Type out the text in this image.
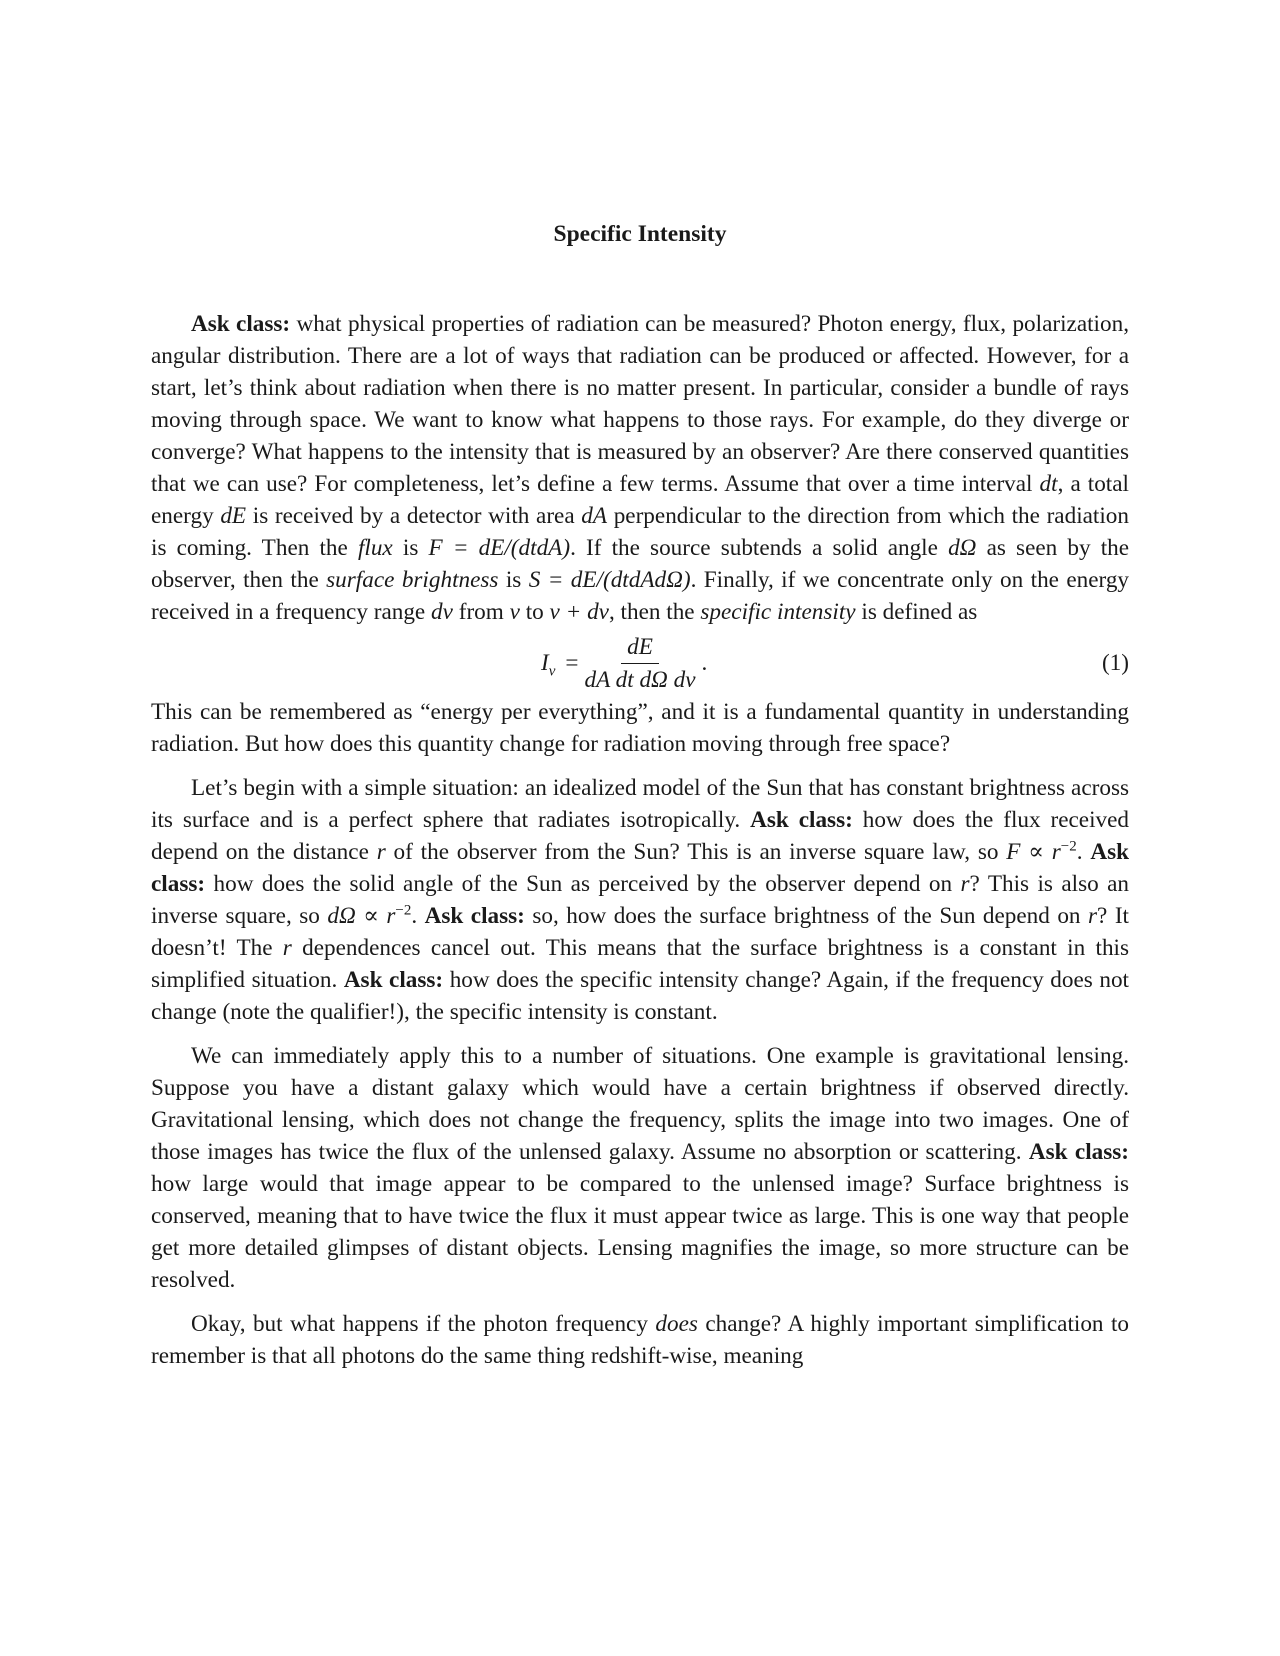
Specific Intensity

Ask class: what physical properties of radiation can be measured? Photon energy, flux, polarization, angular distribution. There are a lot of ways that radiation can be produced or affected. However, for a start, let’s think about radiation when there is no matter present. In particular, consider a bundle of rays moving through space. We want to know what happens to those rays. For example, do they diverge or converge? What happens to the intensity that is measured by an observer? Are there conserved quantities that we can use? For completeness, let’s define a few terms. Assume that over a time interval dt, a total energy dE is received by a detector with area dA perpendicular to the direction from which the radiation is coming. Then the flux is F = dE/(dtdA). If the source subtends a solid angle dΩ as seen by the observer, then the surface brightness is S = dE/(dtdAdΩ). Finally, if we concentrate only on the energy received in a frequency range dν from ν to ν + dν, then the specific intensity is defined as

$I_\nu = \frac{dE}{\text{dA dt dΩ dν}}$ .	(1)

This can be remembered as “energy per everything”, and it is a fundamental quantity in understanding radiation. But how does this quantity change for radiation moving through free space?

Let’s begin with a simple situation: an idealized model of the Sun that has constant brightness across its surface and is a perfect sphere that radiates isotropically. Ask class: how does the flux received depend on the distance r of the observer from the Sun? This is an inverse square law, so $F \propto r^{-2}$. Ask class: how does the solid angle of the Sun as perceived by the observer depend on r? This is also an inverse square, so $d\Omega \propto r^{-2}$. Ask class: so, how does the surface brightness of the Sun depend on r? It doesn’t! The r dependences cancel out. This means that the surface brightness is a constant in this simplified situation. Ask class: how does the specific intensity change? Again, if the frequency does not change (note the qualifier!), the specific intensity is constant.

We can immediately apply this to a number of situations. One example is gravitational lensing. Suppose you have a distant galaxy which would have a certain brightness if observed directly. Gravitational lensing, which does not change the frequency, splits the image into two images. One of those images has twice the flux of the unlensed galaxy. Assume no absorption or scattering. Ask class: how large would that image appear to be compared to the unlensed image? Surface brightness is conserved, meaning that to have twice the flux it must appear twice as large. This is one way that people get more detailed glimpses of distant objects. Lensing magnifies the image, so more structure can be resolved.

Okay, but what happens if the photon frequency does change? A highly important simplification to remember is that all photons do the same thing redshift-wise, meaning
